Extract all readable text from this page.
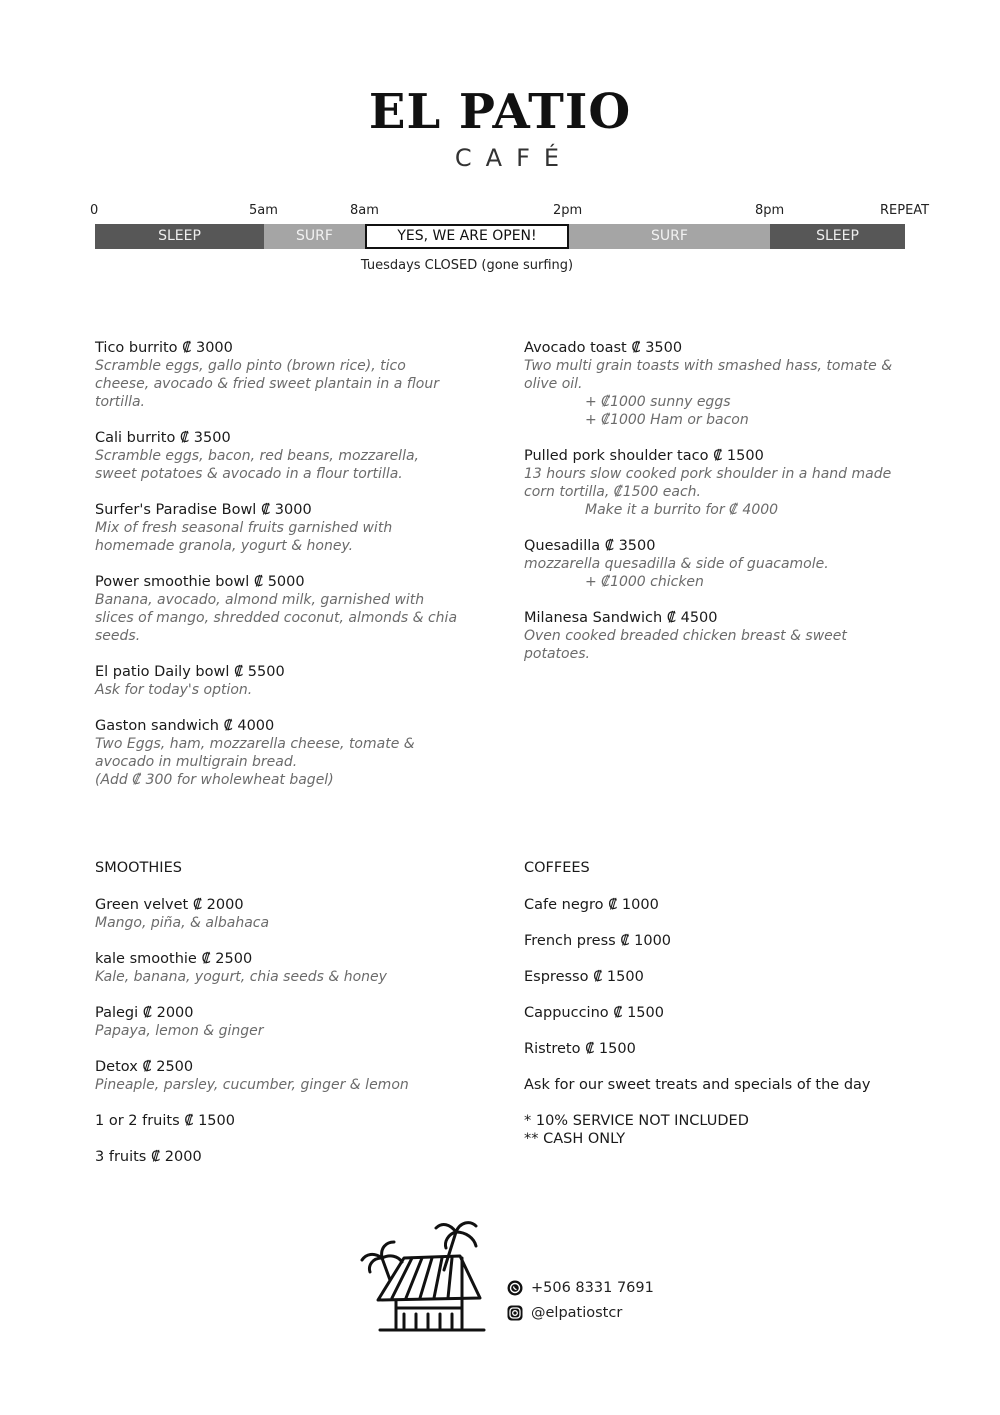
EL PATIO
CAFÉ
0	5am	8am	2pm	8pm	REPEAT
SLEEP	SURF	YES, WE ARE OPEN!	SURF	SLEEP
Tuesdays CLOSED (gone surfing)
Tico burrito ₡ 3000
Scramble eggs, gallo pinto (brown rice), tico
cheese, avocado & fried sweet plantain in a flour
tortilla.
Cali burrito ₡ 3500
Scramble eggs, bacon, red beans, mozzarella,
sweet potatoes & avocado in a flour tortilla.
Surfer's Paradise Bowl ₡ 3000
Mix of fresh seasonal fruits garnished with
homemade granola, yogurt & honey.
Power smoothie bowl ₡ 5000
Banana, avocado, almond milk, garnished with
slices of mango, shredded coconut, almonds & chia
seeds.
El patio Daily bowl ₡ 5500
Ask for today's option.
Gaston sandwich ₡ 4000
Two Eggs, ham, mozzarella cheese, tomate &
avocado in multigrain bread.
(Add ₡ 300 for wholewheat bagel)
Avocado toast ₡ 3500
Two multi grain toasts with smashed hass, tomate &
olive oil.
+ ₡1000 sunny eggs
+ ₡1000 Ham or bacon
Pulled pork shoulder taco ₡ 1500
13 hours slow cooked pork shoulder in a hand made
corn tortilla, ₡1500 each.
Make it a burrito for ₡ 4000
Quesadilla ₡ 3500
mozzarella quesadilla & side of guacamole.
+ ₡1000 chicken
Milanesa Sandwich ₡ 4500
Oven cooked breaded chicken breast & sweet
potatoes.
SMOOTHIES
Green velvet ₡ 2000
Mango, piña, & albahaca
kale smoothie ₡ 2500
Kale, banana, yogurt, chia seeds & honey
Palegi ₡ 2000
Papaya, lemon & ginger
Detox ₡ 2500
Pineaple, parsley, cucumber, ginger & lemon
1 or 2 fruits ₡ 1500
3 fruits ₡ 2000
COFFEES
Cafe negro ₡ 1000
French press ₡ 1000
Espresso ₡ 1500
Cappuccino ₡ 1500
Ristreto ₡ 1500
Ask for our sweet treats and specials of the day
* 10% SERVICE NOT INCLUDED
** CASH ONLY
+506 8331 7691
@elpatiostcr
